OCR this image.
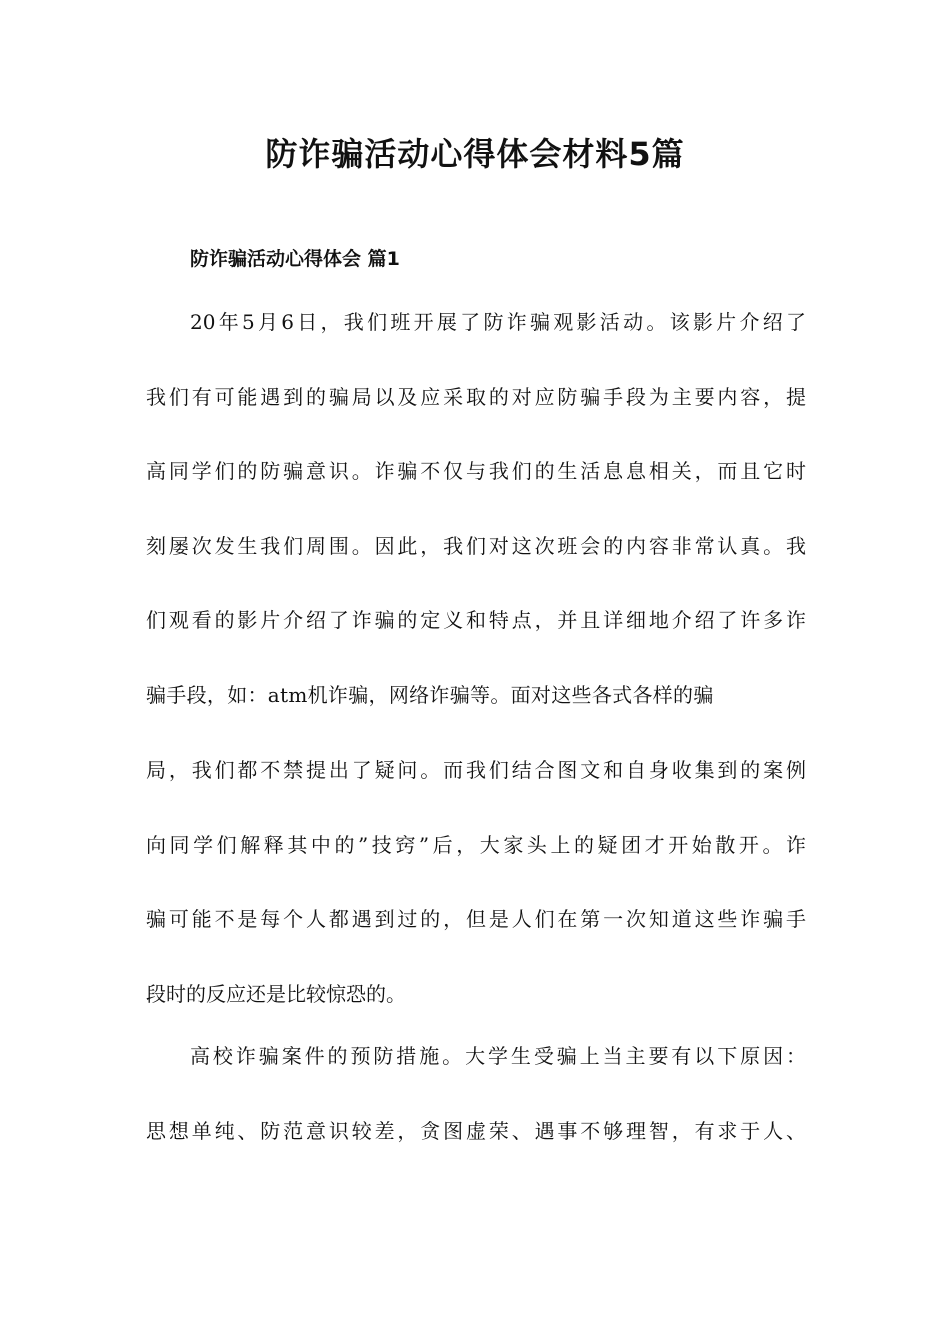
防诈骗活动心得体会材料5篇
防诈骗活动心得体会 篇1

20年5月6日，我们班开展了防诈骗观影活动。该影片介绍了

我们有可能遇到的骗局以及应采取的对应防骗手段为主要内容，提

高同学们的防骗意识。诈骗不仅与我们的生活息息相关，而且它时

刻屡次发生我们周围。因此，我们对这次班会的内容非常认真。我

们观看的影片介绍了诈骗的定义和特点，并且详细地介绍了许多诈

骗手段，如：atm机诈骗，网络诈骗等。面对这些各式各样的骗

局，我们都不禁提出了疑问。而我们结合图文和自身收集到的案例

向同学们解释其中的”技窍”后，大家头上的疑团才开始散开。诈

骗可能不是每个人都遇到过的，但是人们在第一次知道这些诈骗手

段时的反应还是比较惊恐的。

高校诈骗案件的预防措施。大学生受骗上当主要有以下原因：

思想单纯、防范意识较差，贪图虚荣、遇事不够理智，有求于人、
